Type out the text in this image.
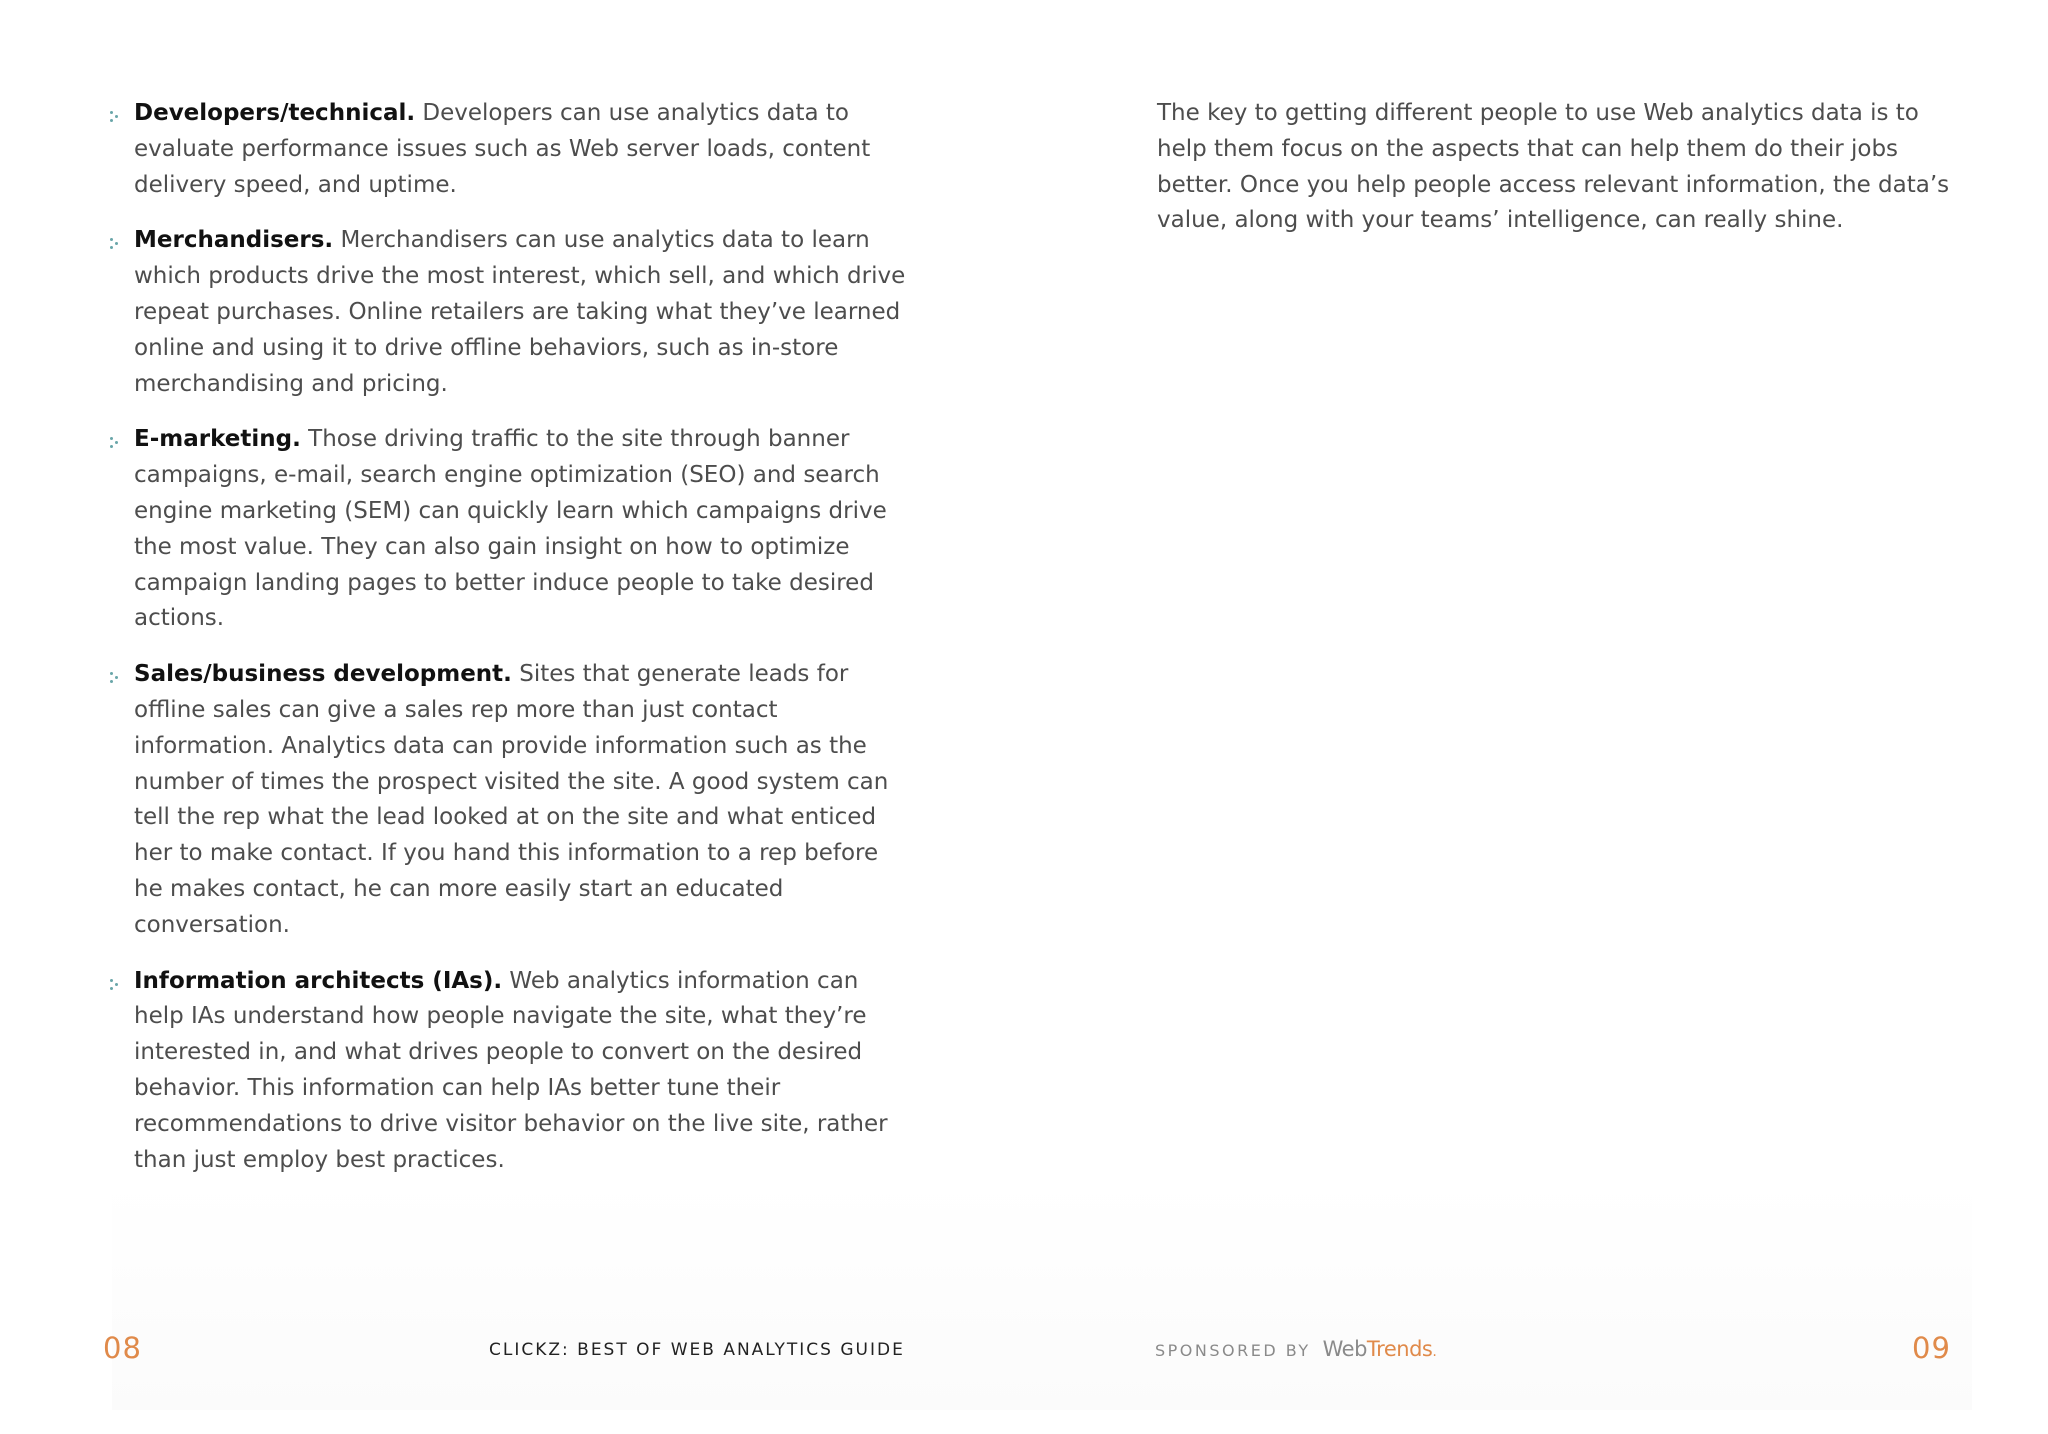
Developers/technical. Developers can use analytics data to evaluate performance issues such as Web server loads, content delivery speed, and uptime.
Merchandisers. Merchandisers can use analytics data to learn which products drive the most interest, which sell, and which drive repeat purchases. Online retailers are taking what they’ve learned online and using it to drive offline behaviors, such as in-store merchandising and pricing.
E-marketing. Those driving traffic to the site through banner campaigns, e-mail, search engine optimization (SEO) and search engine marketing (SEM) can quickly learn which campaigns drive the most value. They can also gain insight on how to optimize campaign landing pages to better induce people to take desired actions.
Sales/business development. Sites that generate leads for offline sales can give a sales rep more than just contact information. Analytics data can provide information such as the number of times the prospect visited the site. A good system can tell the rep what the lead looked at on the site and what enticed her to make contact. If you hand this information to a rep before he makes contact, he can more easily start an educated conversation.
Information architects (IAs). Web analytics information can help IAs understand how people navigate the site, what they’re interested in, and what drives people to convert on the desired behavior. This information can help IAs better tune their recommendations to drive visitor behavior on the live site, rather than just employ best practices.

The key to getting different people to use Web analytics data is to help them focus on the aspects that can help them do their jobs better. Once you help people access relevant information, the data’s value, along with your teams’ intelligence, can really shine.

08	CLICKZ: BEST OF WEB ANALYTICS GUIDE	SPONSORED BY WebTrends.	09
